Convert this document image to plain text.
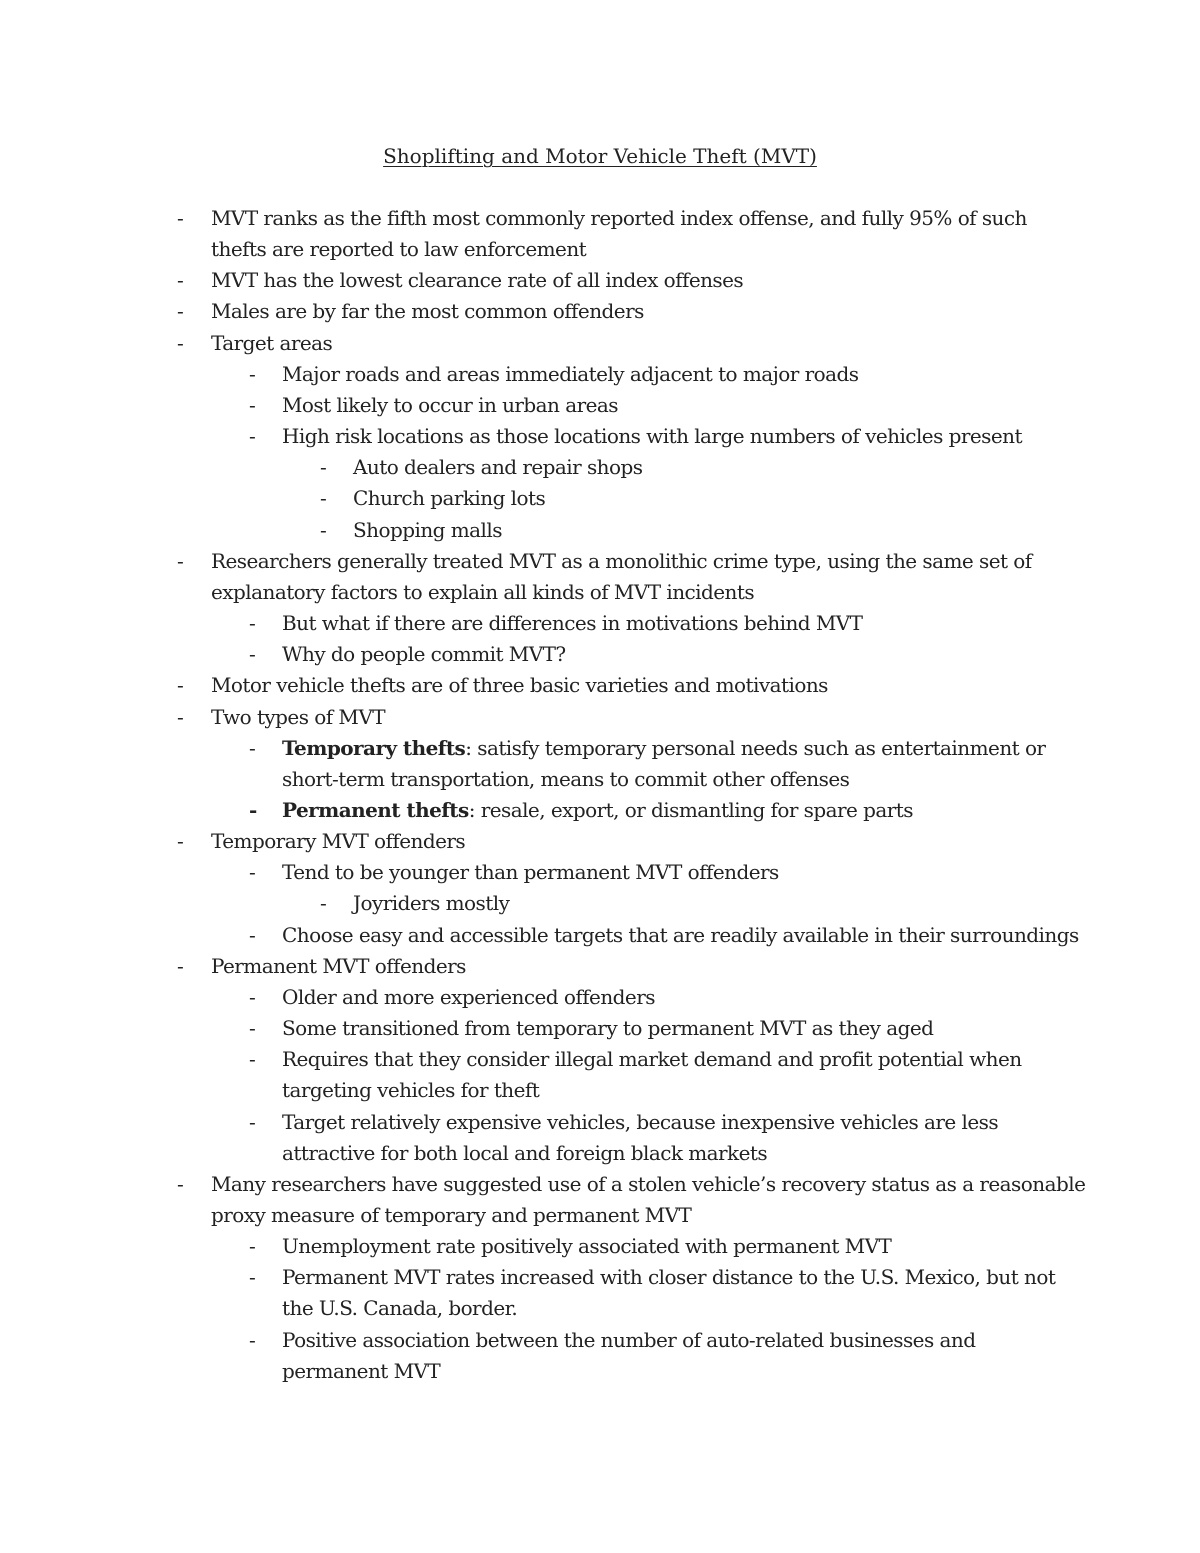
Shoplifting and Motor Vehicle Theft (MVT)
- MVT ranks as the fifth most commonly reported index offense, and fully 95% of such thefts are reported to law enforcement
- MVT has the lowest clearance rate of all index offenses
- Males are by far the most common offenders
- Target areas
- Major roads and areas immediately adjacent to major roads
- Most likely to occur in urban areas
- High risk locations as those locations with large numbers of vehicles present
- Auto dealers and repair shops
- Church parking lots
- Shopping malls
- Researchers generally treated MVT as a monolithic crime type, using the same set of explanatory factors to explain all kinds of MVT incidents
- But what if there are differences in motivations behind MVT
- Why do people commit MVT?
- Motor vehicle thefts are of three basic varieties and motivations
- Two types of MVT
- Temporary thefts: satisfy temporary personal needs such as entertainment or short-term transportation, means to commit other offenses
- Permanent thefts: resale, export, or dismantling for spare parts
- Temporary MVT offenders
- Tend to be younger than permanent MVT offenders
- Joyriders mostly
- Choose easy and accessible targets that are readily available in their surroundings
- Permanent MVT offenders
- Older and more experienced offenders
- Some transitioned from temporary to permanent MVT as they aged
- Requires that they consider illegal market demand and profit potential when targeting vehicles for theft
- Target relatively expensive vehicles, because inexpensive vehicles are less attractive for both local and foreign black markets
- Many researchers have suggested use of a stolen vehicle’s recovery status as a reasonable proxy measure of temporary and permanent MVT
- Unemployment rate positively associated with permanent MVT
- Permanent MVT rates increased with closer distance to the U.S. Mexico, but not the U.S. Canada, border.
- Positive association between the number of auto-related businesses and permanent MVT
